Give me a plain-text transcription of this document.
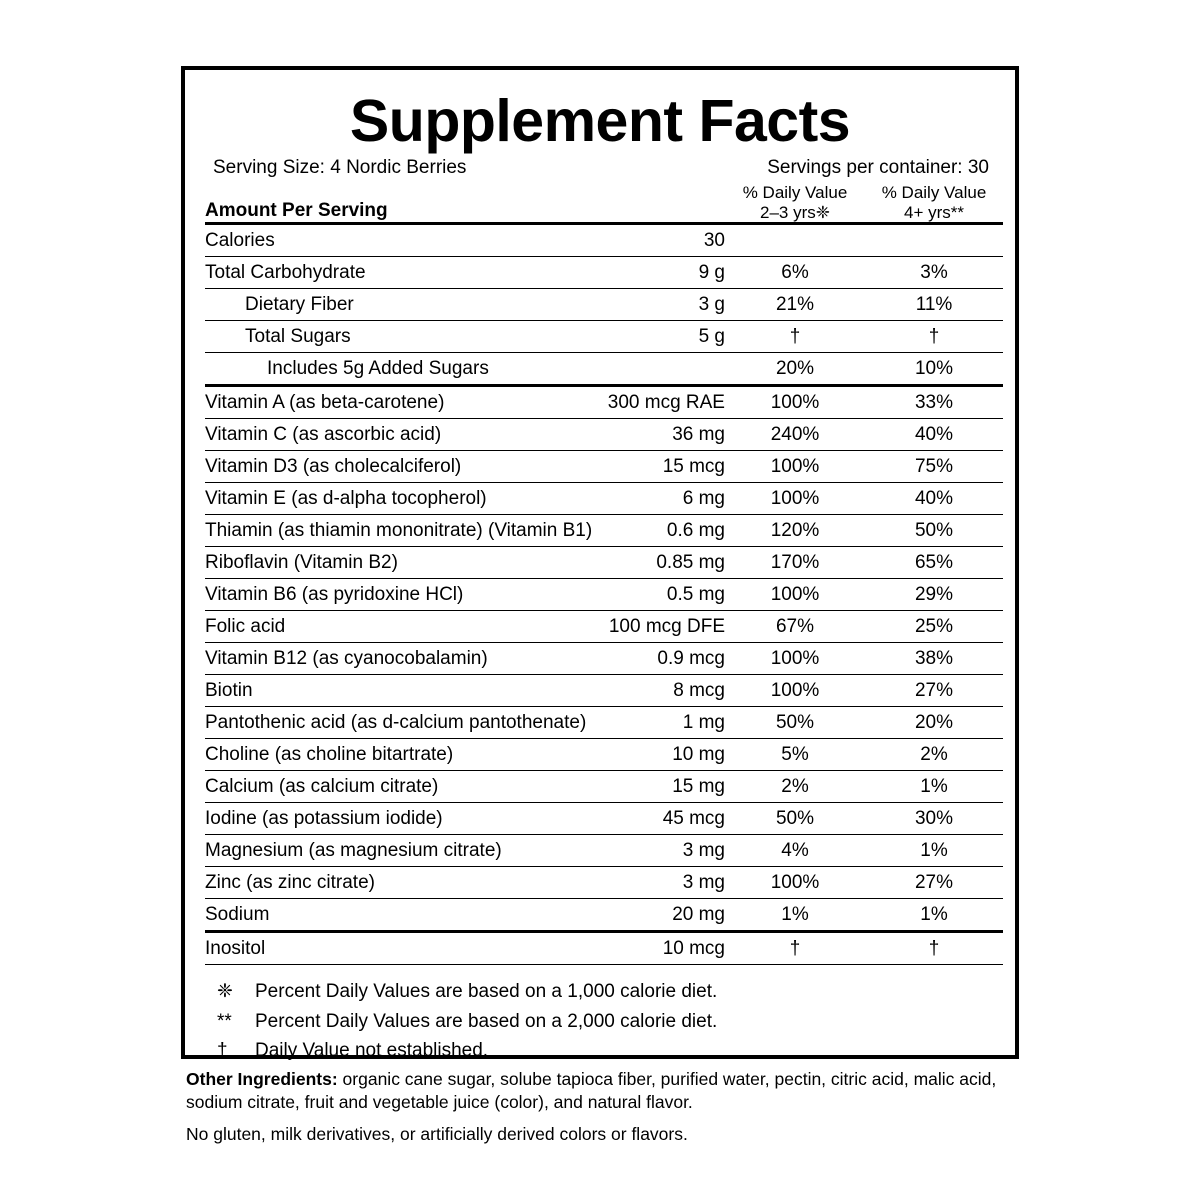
Supplement Facts
Serving Size: 4 Nordic Berries	Servings per container: 30
Amount Per Serving		
% Daily Value
2–3 yrs❈

% Daily Value
4+ yrs**

Calories	30		
Total Carbohydrate	9 g	6%	3%
Dietary Fiber	3 g	21%	11%
Total Sugars	5 g	†	†
Includes 5g Added Sugars		20%	10%
Vitamin A (as beta-carotene)	300 mcg RAE	100%	33%
Vitamin C (as ascorbic acid)	36 mg	240%	40%
Vitamin D3 (as cholecalciferol)	15 mcg	100%	75%
Vitamin E (as d-alpha tocopherol)	6 mg	100%	40%
Thiamin (as thiamin mononitrate) (Vitamin B1)	0.6 mg	120%	50%
Riboflavin (Vitamin B2)	0.85 mg	170%	65%
Vitamin B6 (as pyridoxine HCl)	0.5 mg	100%	29%
Folic acid	100 mcg DFE	67%	25%
Vitamin B12 (as cyanocobalamin)	0.9 mcg	100%	38%
Biotin	8 mcg	100%	27%
Pantothenic acid (as d-calcium pantothenate)	1 mg	50%	20%
Choline (as choline bitartrate)	10 mg	5%	2%
Calcium (as calcium citrate)	15 mg	2%	1%
Iodine (as potassium iodide)	45 mcg	50%	30%
Magnesium (as magnesium citrate)	3 mg	4%	1%
Zinc (as zinc citrate)	3 mg	100%	27%
Sodium	20 mg	1%	1%
Inositol	10 mcg	†	†
❈	Percent Daily Values are based on a 1,000 calorie diet.
**	Percent Daily Values are based on a 2,000 calorie diet.
†	Daily Value not established.

Other Ingredients: organic cane sugar, solube tapioca fiber, purified water, pectin, citric acid, malic acid, sodium citrate, fruit and vegetable juice (color), and natural flavor.

No gluten, milk derivatives, or artificially derived colors or flavors.
